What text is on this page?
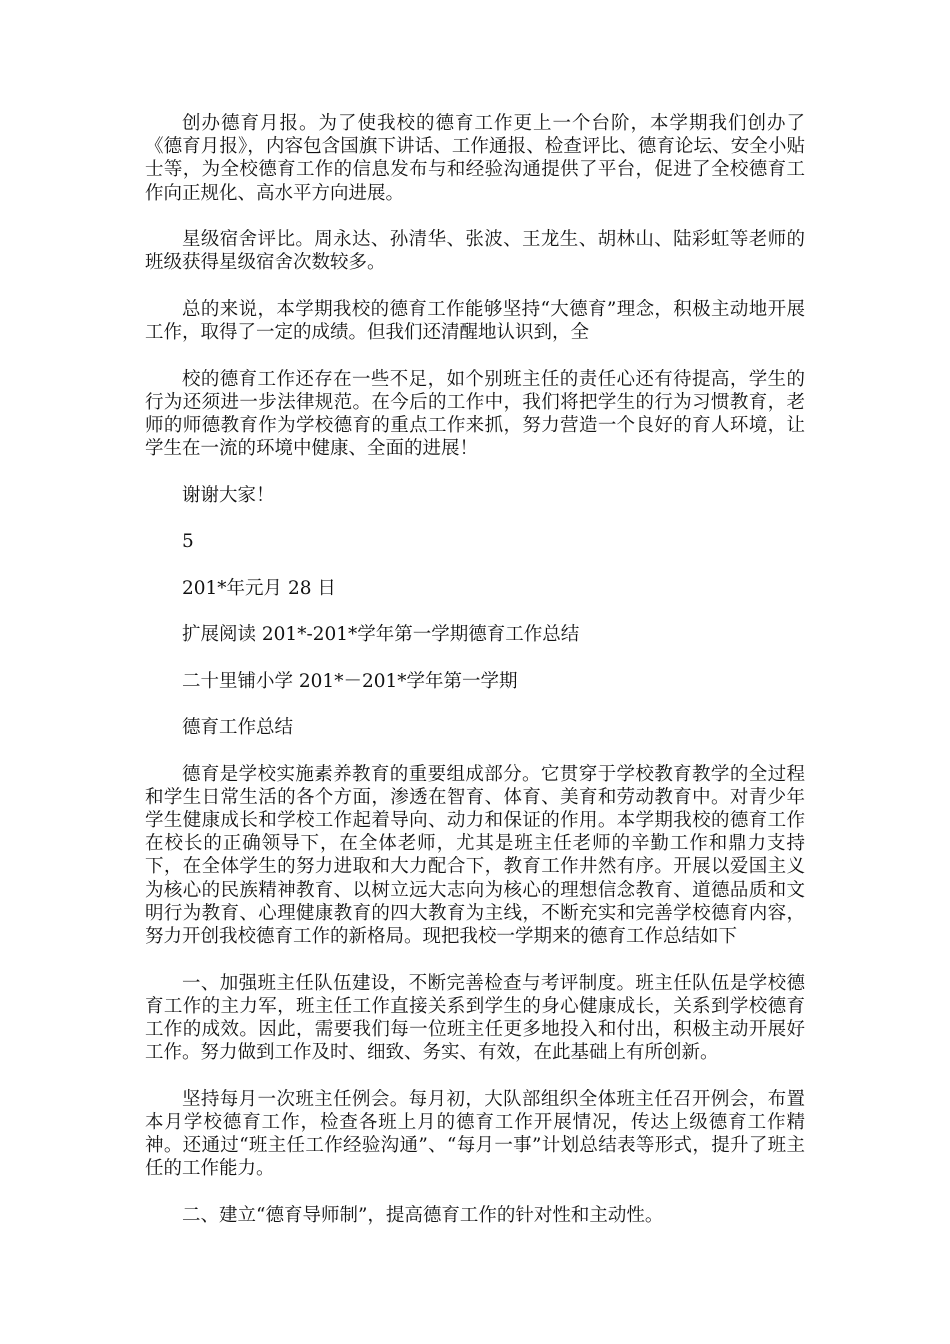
创办德育月报。为了使我校的德育工作更上一个台阶，本学期我们创办了《德育月报》，内容包含国旗下讲话、工作通报、检查评比、德育论坛、安全小贴士等，为全校德育工作的信息发布与和经验沟通提供了平台，促进了全校德育工作向正规化、高水平方向进展。

星级宿舍评比。周永达、孙清华、张波、王龙生、胡林山、陆彩虹等老师的班级获得星级宿舍次数较多。

总的来说，本学期我校的德育工作能够坚持“大德育”理念，积极主动地开展工作，取得了一定的成绩。但我们还清醒地认识到，全

校的德育工作还存在一些不足，如个别班主任的责任心还有待提高，学生的行为还须进一步法律规范。在今后的工作中，我们将把学生的行为习惯教育，老师的师德教育作为学校德育的重点工作来抓，努力营造一个良好的育人环境，让学生在一流的环境中健康、全面的进展！

谢谢大家！

5

201*年元月 28 日

扩展阅读 201*-201*学年第一学期德育工作总结

二十里铺小学 201*－201*学年第一学期

德育工作总结

德育是学校实施素养教育的重要组成部分。它贯穿于学校教育教学的全过程和学生日常生活的各个方面，渗透在智育、体育、美育和劳动教育中。对青少年学生健康成长和学校工作起着导向、动力和保证的作用。本学期我校的德育工作在校长的正确领导下，在全体老师，尤其是班主任老师的辛勤工作和鼎力支持下，在全体学生的努力进取和大力配合下，教育工作井然有序。开展以爱国主义为核心的民族精神教育、以树立远大志向为核心的理想信念教育、道德品质和文明行为教育、心理健康教育的四大教育为主线，不断充实和完善学校德育内容，努力开创我校德育工作的新格局。现把我校一学期来的德育工作总结如下

一、加强班主任队伍建设，不断完善检查与考评制度。班主任队伍是学校德育工作的主力军，班主任工作直接关系到学生的身心健康成长，关系到学校德育工作的成效。因此，需要我们每一位班主任更多地投入和付出，积极主动开展好工作。努力做到工作及时、细致、务实、有效，在此基础上有所创新。

坚持每月一次班主任例会。每月初，大队部组织全体班主任召开例会，布置本月学校德育工作，检查各班上月的德育工作开展情况，传达上级德育工作精神。还通过“班主任工作经验沟通”、“每月一事”计划总结表等形式，提升了班主任的工作能力。

二、建立“德育导师制”，提高德育工作的针对性和主动性。
